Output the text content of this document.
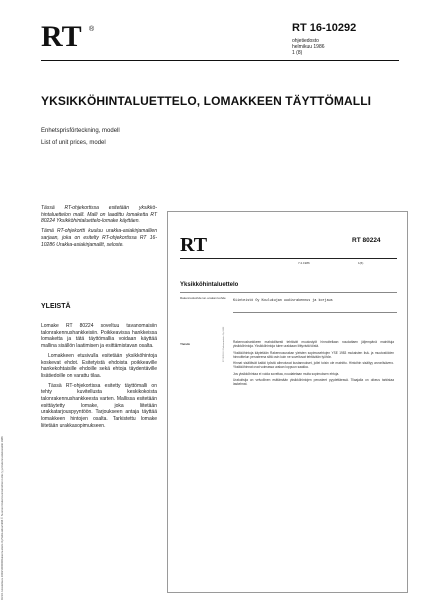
RT ®	RT 16-10292
ohjetiedosto
helmikuu 1986
1 (8)
YKSIKKÖHINTALUETTELO, LOMAKKEEN TÄYTTÖMALLI
Enhetsprisförteckning, modell
List of unit prices, model

Tässä RT-ohjekortissa esitetään yksikkö-hintaluettelon malli. Malli on laadittu lomaketta RT 80224 Yksikköhintaluettelo-lomake käyttäen.

Tämä RT-ohjekortti kuuluu urakka-asiakirjamallien sarjaan, joka on esitelty RT-ohjekortissa RT 16-10286 Urakka-asiakirjamallit, seloste.

YLEISTÄ

Lomake RT 80224 soveltuu tavanomaisiin talonrakennushankkeisiin. Poikkeavissa hankkeissa lomaketta ja tätä täyttömallia voidaan käyttää mallina sisällön laatimisen ja esittämistavan osalta.

Lomakkeen etusivulla esitetään yksikköhintoja koskevat ehdot. Esitetyistä ehdoista poikkeaville hankekohtaisille ehdoille sekä ehtoja täydentäville lisätiedoille on varattu tilaa.

Tässä RT-ohjekortissa esitetty täyttömalli on tehty kuvitellusta keskikokoista talonrakennushankkeesta varten. Mallissa esitetään esittäytetty lomake, joka liitetään urakkatarjouspyyntöön. Tarjoukseen antaja täyttää lomakkeen hintojen osalta. Tarkistettu lomake liitetään urakkasopimukseen.

RLS/1 tulostettava 2000/100000/Rakennustieto Oy/Sidiluokka/1996 © Suomen Rakennusinsinöörien Liitto ry ja Rakennustietosäätiö 1986
RT	RT 80224
7.2.1986	1(6)
Yksikköhintaluettelo
Rakennuskohde tai -urakan kohde
Kiinteistö Oy Koulukujan uudisrakennus ja korjaus
Yleistä	Rakennushankkeen mahdollisesti tehtävät muutostyöt hinnoitellaan noudattaen jäljempänä mainittuja yksikköhintoja. Yksikköhintoja tulee urakkaan liittyvistä töistä.

Yksikköhintoja käytetään Rakennusurakan yleisten sopimusehtojen YSE 1983 mukaisten lisä- ja muutostöiden hinnoittelun perusteena siltä osin kuin ne soveltuvat tehtävään työhön.

Hinnat sisältävät kaikki työstä aiheutuvat kustannukset, jollei toisin ole mainittu. Hintoihin sisältyy arvonlisävero. Yksikköhinnat ovat voimassa urakan loppuun saakka.

Jos yksikköhintaa ei voida soveltaa, noudatetaan muita sopimuksen ehtoja.

Urakoitsija on velvollinen esittämään yksikköhintojen perusteet pyydettäessä. Tilaajalla on oikeus tarkistaa laskelmat.

RT 80224 © Rakennustieto Oy 1986
